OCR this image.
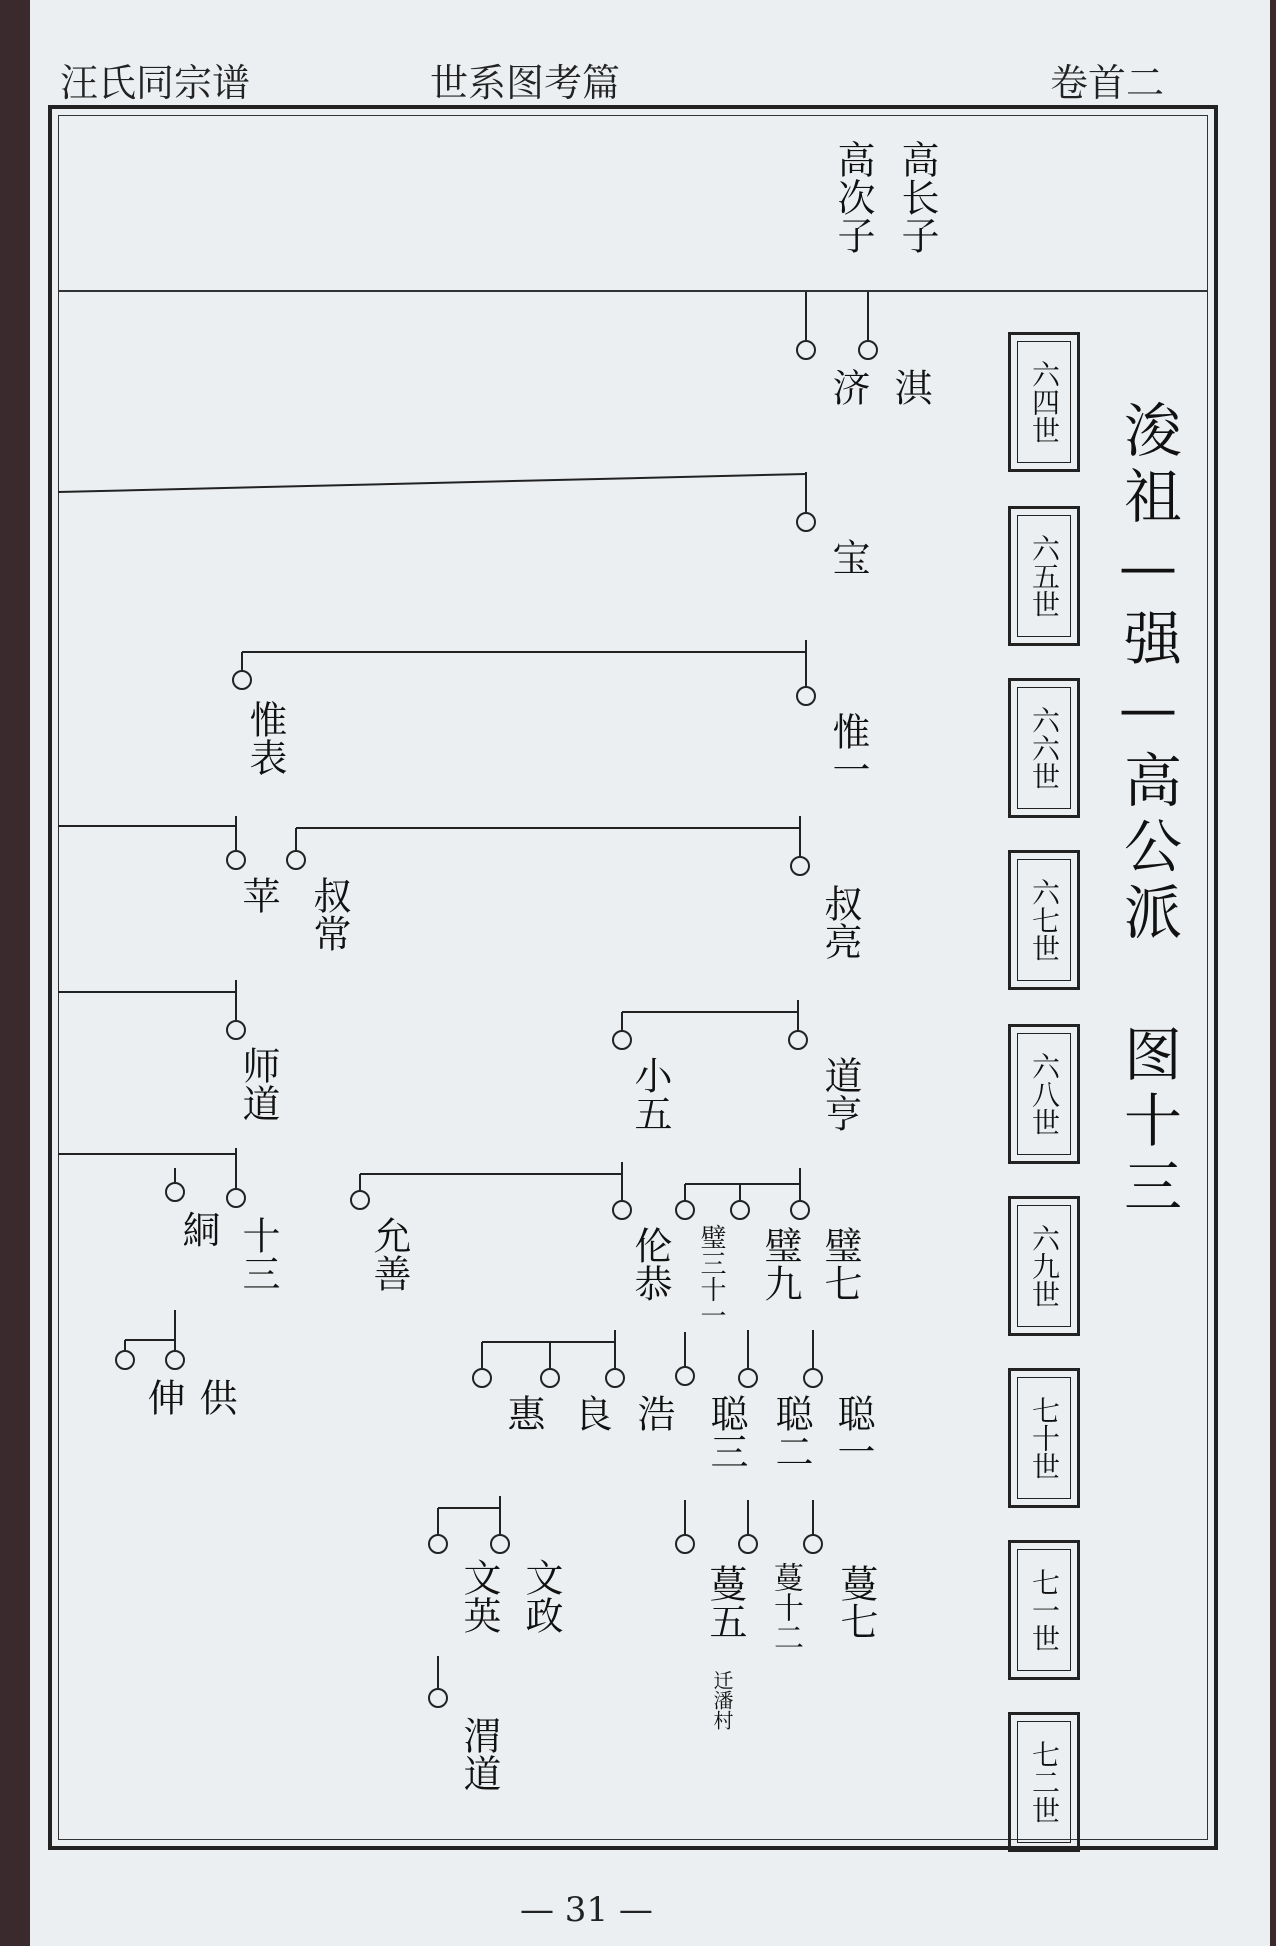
汪氏同宗谱	世系图考篇	卷首二
高长子
高次子
淇
济
宝
惟一
惟表
叔亮
叔常
苹
道亨
小五
师道
璧七
璧九
璧三十一
伦恭
允善
十三
絧
聪一
聪二
聪三
浩
良
惠
供
伸
蔓七
蔓十二
蔓五
迁潘村
文政
文英
渭道
六四世
六五世
六六世
六七世
六八世
六九世
七十世
七一世
七二世
浚祖—强—高公派 图十三
— 31 —
